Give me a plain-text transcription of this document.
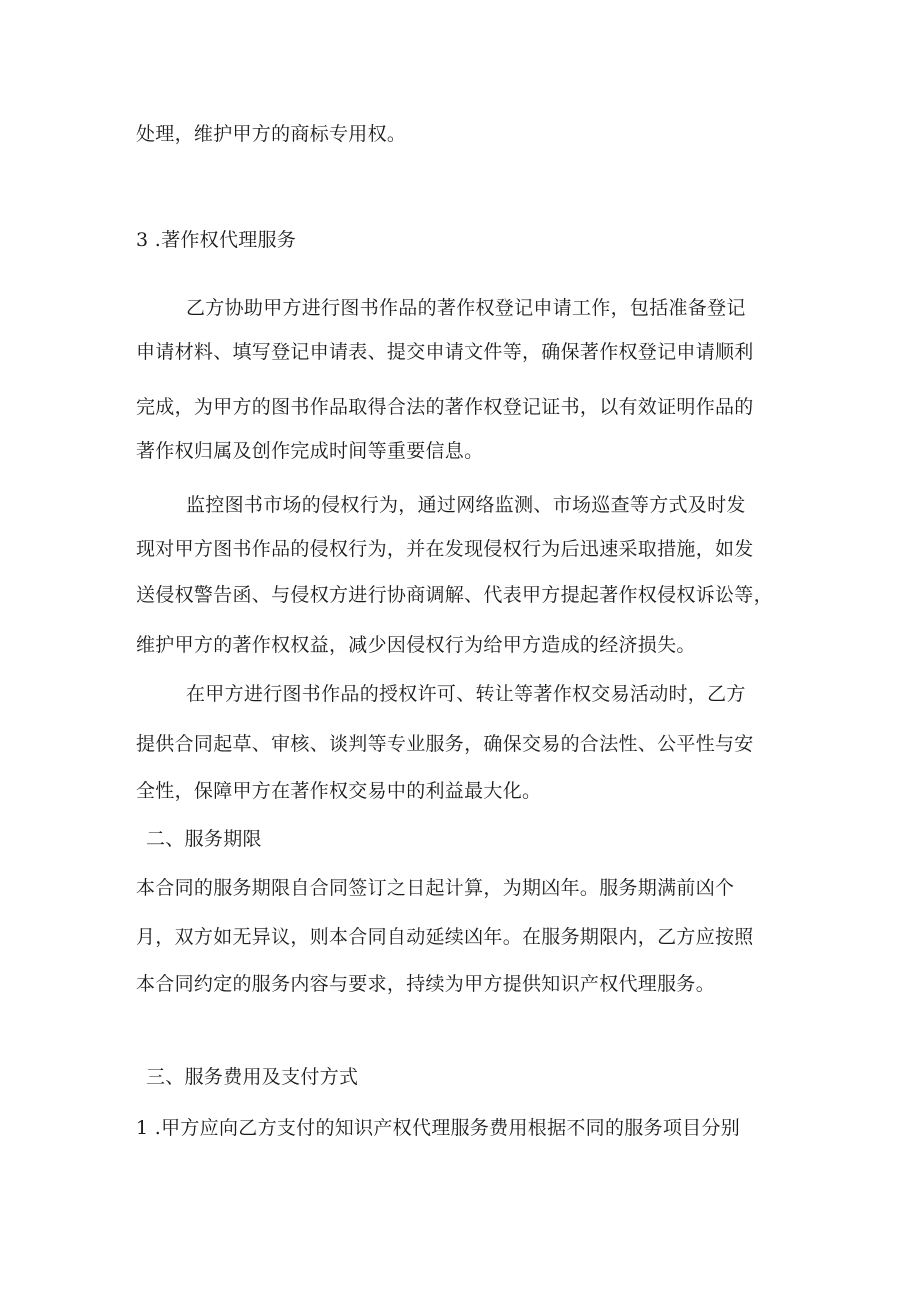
处理，维护甲方的商标专用权。
3 .著作权代理服务
乙方协助甲方进行图书作品的著作权登记申请工作，包括准备登记
申请材料、填写登记申请表、提交申请文件等，确保著作权登记申请顺利
完成，为甲方的图书作品取得合法的著作权登记证书，以有效证明作品的
著作权归属及创作完成时间等重要信息。
监控图书市场的侵权行为，通过网络监测、市场巡查等方式及时发
现对甲方图书作品的侵权行为，并在发现侵权行为后迅速采取措施，如发
送侵权警告函、与侵权方进行协商调解、代表甲方提起著作权侵权诉讼等，
维护甲方的著作权权益，减少因侵权行为给甲方造成的经济损失。
在甲方进行图书作品的授权许可、转让等著作权交易活动时，乙方
提供合同起草、审核、谈判等专业服务，确保交易的合法性、公平性与安
全性，保障甲方在著作权交易中的利益最大化。
二、服务期限
本合同的服务期限自合同签订之日起计算，为期凶年。服务期满前凶个
月，双方如无异议，则本合同自动延续凶年。在服务期限内，乙方应按照
本合同约定的服务内容与要求，持续为甲方提供知识产权代理服务。
三、服务费用及支付方式
1 .甲方应向乙方支付的知识产权代理服务费用根据不同的服务项目分别
